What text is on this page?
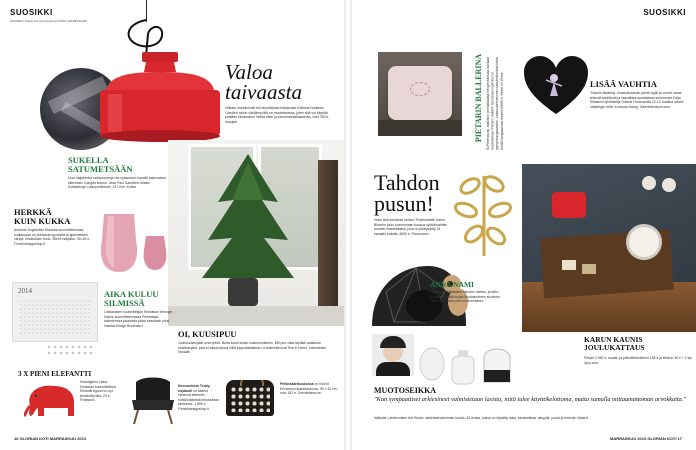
SUOSIKKI
SUOSIKIT Teksti: Iris von Koverrig KUVAT: VALMISTAJAT
Valoa
taivaasta
Villiskin marklinnolle tuli rilipuhtikasa kirkasvalo! Kaltsina Nuutinen Candleri valoin värillämpöillä on muutettavissa, joten sillä voi käyttää pirtsään kirkasvalon hieläa värin ja lunnemavaaliaanessa, noin 250 e, Imoqtek.
SUKELLA
SATUMETSÄÄN
Uusi Vaijaherkoi satuvuokrerja viis syakukseh kaunilti satumaisen tiiteimaan. Kangas kuunui. Jean Paul Gaultierin tiriasin Kotisettiniyn Laikonshkmistö, 227 e/m. Kotiva.
HERKKÄ
KUIN KUKKA
Andreas Engesvikin Muutoile suunnittelemasa maljakossa on puhdasta tyyneyttä ja ajanvietteen värejä. Ilmoituksen Ikolo. Silent maljakko, 30–49 e, Finnishdesignshop.fi.
2014	AIKA KULUU
SILMISSÄ
Loistavasen suunnittelijan Sebastian Wrongin Hashe suunnittelemassa Pieheatsal-kalenterissa jokaisella päivä seasilaan piirsi. Habitat Design Boulevard.
OI, KUUSIPUU
Joulukuusenjalat ovat tyttöä. Iituita kuusi kuisin kokkenuukkeen, liitti puu ollaa täyttää valtaavita rihahkasyittä, joka ei tulisa turpua niillä loppulateaaksen. Korlatsekinovat Tine K Home, Habodekeit Novaait.
3 X PIENI ELEFANTTI
Nostalginen Laina Koskelan suunnittelema Elefantti-figuuri on nyt terrakottyvista. 23 e, Finlayson.
Nevvomkisin Teddy-nojatuoli on saanut nimensä elefantin nahkiönäisestä tekstuurista kiinteesta. 1 895 e, Finnishdesignshop.fi.
Pellavakärtkoukossa on Eshrid Ericssonin klassikkokuosi. 50 x 32 cm, noin 182 e, Svenskttenn.se.
16 GLORIAN KOTI MARRASKUU 2013
SUOSIKKI
PIETARIN BALLERINA St.Petersburg -malliston pentalsäätää hengenseksiaa kankaat mudootakaa. Pietarin balettin tarinoista inspiroitunut tyynyinkangasaaten. Lapsuudenhevosen lapsileikkeistaisuista tehdä kangasteivas tekstiili 69/95 e, White on White.	LISÄÄ VAUHTIA
"Kaunis Maatimy -maasukossuan pienet tyylit ja vuoret raivat tekevät ahnilämät ja vaarallista auustistaan kommentoi Kaija Siltasemi-lyhdistelijä Galerie Fordmanilla 22.12. saakka oleviin näyttelyyn töitä. Kurvissa Swing, Galerieforsbom.com.
Tahdon
pusun!
Hoke sillä seinämin kertsa? Rosendahlin Karen Blixenin joulu kosemmaan kuusua syiökkivahtien punottu mistelttikalsa, joka on päälystetty 24 karaatin kullalla, 4695 e, Stockmann.
ANNA NAMI
Japanilais-italialaisen Nendon meeks- ja tallu -mallisto näyttää luolan kuudalmänten suuteren. Tekonsaikaanen piet on ammittinen.
KARUN KAUNIS
JOULUKATTAUS
Pitsyle 3 369 e, laudat- ja pikkuliitainottimet 138 e ja leikkuu 39 e + 2 kpl. Ujsu.com.
MUOTOSEIKKA
"Kun sympaattiset arkiesineet valmistetaan lasista, niitä tulee käyttökelottoma, mutta samalla mittaamattoman arvokkaita."
Nathalie Lahdenmäen Arti Works -taidelasikokoelman kuuluu 33 teosta, joissa on käytetty lasia, keramiikkaa, akryyliä, puuta ja betonia. Iittala.fi.
MARRASKUU 2013 GLORIAN KOTI 17
